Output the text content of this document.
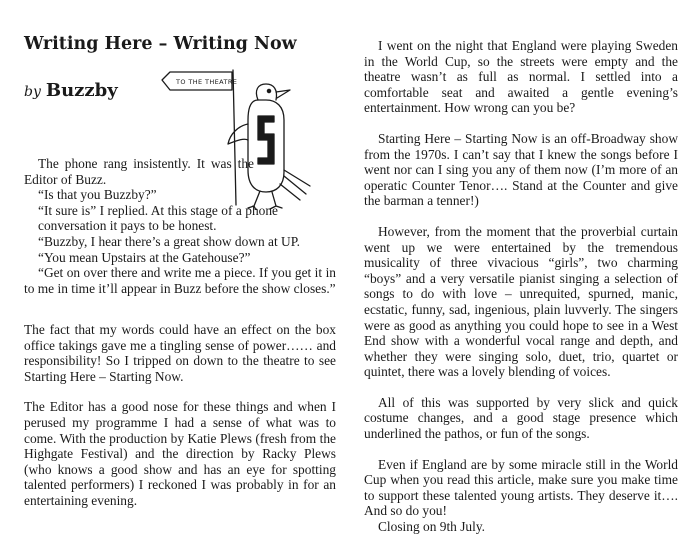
Writing Here – Writing Now
by Buzzby	TO THE THEATRE

The phone rang insistently. It was the Editor of Buzz.

“Is that you Buzzby?”

“It sure is” I replied. At this stage of a phone conversation it pays to be honest.

“Buzzby, I hear there’s a great show down at UP.

“You mean Upstairs at the Gatehouse?”

“Get on over there and write me a piece. If you get it in to me in time it’ll appear in Buzz before the show closes.”

The fact that my words could have an effect on the box office takings gave me a tingling sense of power…… and responsibility! So I tripped on down to the theatre to see Starting Here – Starting Now.

The Editor has a good nose for these things and when I perused my programme I had a sense of what was to come. With the production by Katie Plews (fresh from the Highgate Festival) and the direction by Racky Plews (who knows a good show and has an eye for spotting talented performers) I reckoned I was probably in for an entertaining evening.

I went on the night that England were playing Sweden in the World Cup, so the streets were empty and the theatre wasn’t as full as normal. I settled into a comfortable seat and awaited a gentle evening’s entertainment. How wrong can you be?

Starting Here – Starting Now is an off-Broadway show from the 1970s. I can’t say that I knew the songs before I went nor can I sing you any of them now (I’m more of an operatic Counter Tenor…. Stand at the Counter and give the barman a tenner!)

However, from the moment that the proverbial curtain went up we were entertained by the tremendous musicality of three vivacious “girls”, two charming “boys” and a very versatile pianist singing a selection of songs to do with love – unrequited, spurned, manic, ecstatic, funny, sad, ingenious, plain luvverly. The singers were as good as anything you could hope to see in a West End show with a wonderful vocal range and depth, and whether they were singing solo, duet, trio, quartet or quintet, there was a lovely blending of voices.

All of this was supported by very slick and quick costume changes, and a good stage presence which underlined the pathos, or fun of the songs.

Even if England are by some miracle still in the World Cup when you read this article, make sure you make time to support these talented young artists. They deserve it…. And so do you!

Closing on 9th July.
